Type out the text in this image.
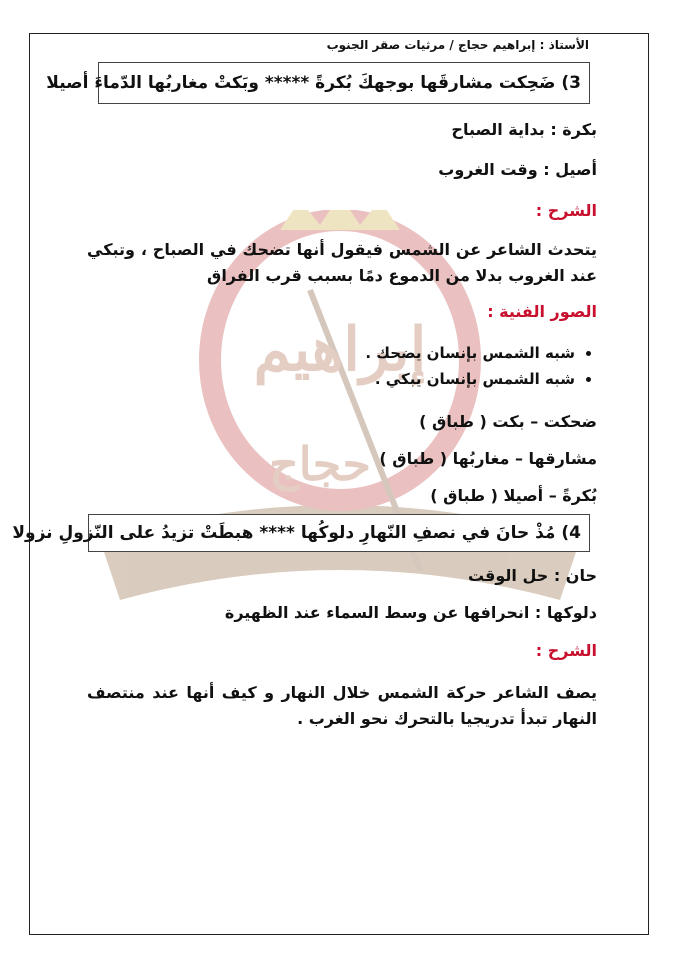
إبراهيم
حجاج
الأستاذ : إبراهيم حجاج / مرثيات صقر الجنوب
3) ضَحِكت مشارقَها بوجهكَ بُكرةً ***** وبَكتْ مغاربُها الدّماءَ أصيلا
بكرة : بداية الصباح
أصيل : وقت الغروب
الشرح :
يتحدث الشاعر عن الشمس فيقول أنها تضحك في الصباح ، وتبكي عند الغروب بدلا من الدموع دمًا بسبب قرب الفراق
الصور الفنية :
• شبه الشمس بإنسان يضحك .
• شبه الشمس بإنسان يبكي .
ضحكت – بكت ( طباق )
مشارقها – مغاربُها ( طباق )
بُكرةً – أصيلا ( طباق )
4) مُذْ حانَ في نصفِ النّهارِ دلوكُها **** هبطَتْ تزيدُ على النّزولِ نزولا
حان : حل الوقت
دلوكها : انحرافها عن وسط السماء عند الظهيرة
الشرح :
يصف الشاعر حركة الشمس خلال النهار و كيف أنها عند منتصف النهار تبدأ تدريجيا بالتحرك نحو الغرب .
